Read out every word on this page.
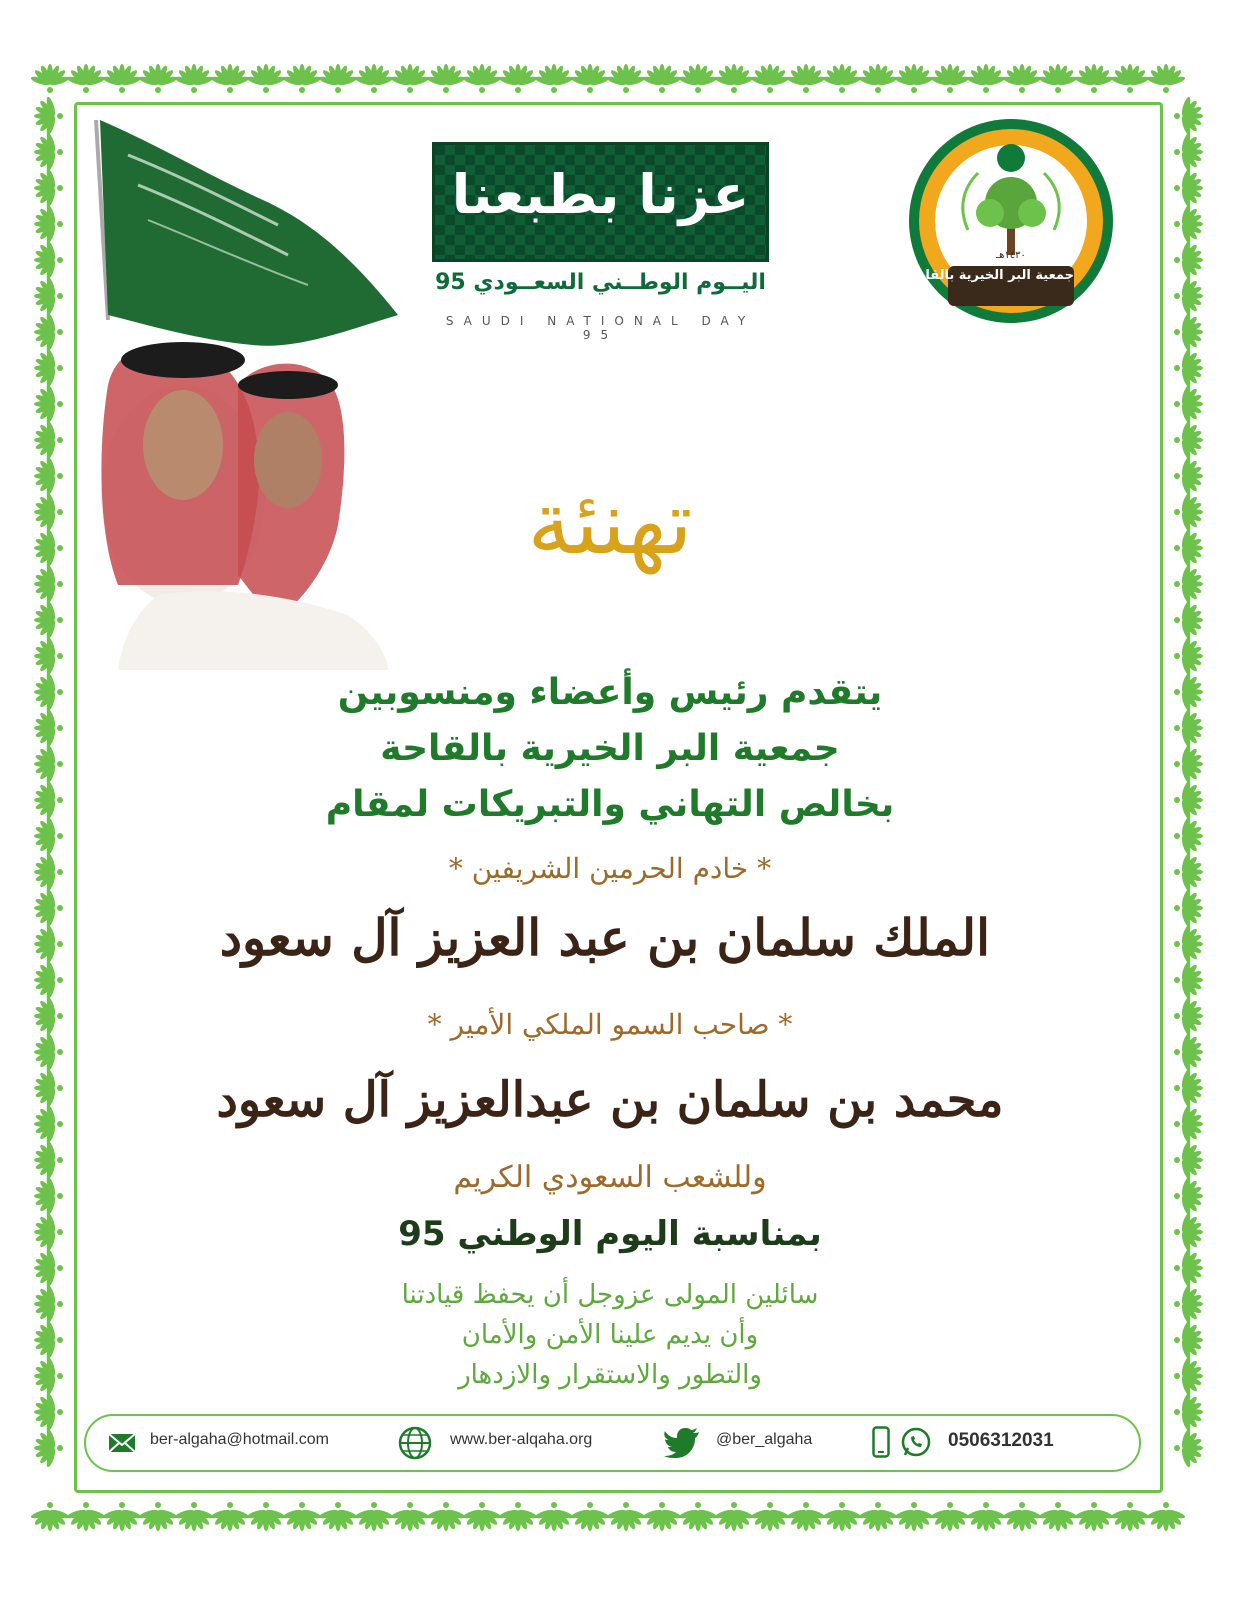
عزنا بطبعنا
اليــوم الوطــني السعــودي 95
SAUDI NATIONAL DAY 95
جمعية البر الخيرية بالقاحة
١٤٣٠هـ
تهنئة
يتقدم رئيس وأعضاء ومنسوبين
جمعية البر الخيرية بالقاحة
بخالص التهاني والتبريكات لمقام
* خادم الحرمين الشريفين *
الملك سلمان بن عبد العزيز آل سعود
* صاحب السمو الملكي الأمير *
محمد بن سلمان بن عبدالعزيز آل سعود
وللشعب السعودي الكريم
بمناسبة اليوم الوطني 95
سائلين المولى عزوجل أن يحفظ قيادتنا
وأن يديم علينا الأمن والأمان
والتطور والاستقرار والازدهار
ber-algaha@hotmail.com	www.ber-alqaha.org	@ber_algaha	0506312031
